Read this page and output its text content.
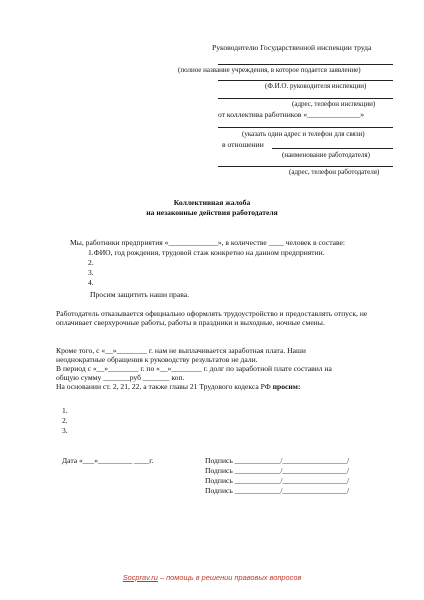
Руководителю Государственной инспекции труда
(полное название учреждения, в которое подается заявление)
(Ф.И.О. руководителя инспекции)
(адрес, телефон инспекции)
от коллектива работников «______________»
(указать один адрес и телефон для связи)
в отношении
(наименование работодателя)
(адрес, телефон работодателя)
Коллективная жалоба
на незаконные действия работодателя
Мы, работники предприятия «_____________», в количестве ____ человек в составе:
1.ФИО, год рождения, трудовой стаж конкретно на данном предприятии.
2.
3.
4.
Просим защитить наши права.
Работодатель отказывается официально оформлять трудоустройство и предоставлять отпуск, не оплачивает сверхурочные работы, работы в праздники и выходные, ночные смены.
Кроме того, с «__»________ г. нам не выплачивается заработная плата. Наши
неоднократные обращения к руководству результатов не дали.
В период с «__»________ г. по «__»________ г. долг по заработной плате составил на
общую сумму _______руб _______ коп.
На основании ст. 2, 21, 22, а также главы 21 Трудового кодекса РФ просим:
1.
2.
3.
Дата «___»_________ ____г.	Подпись ____________/_________________/
Подпись ____________/_________________/
Подпись ____________/_________________/
Подпись ____________/_________________/
Socprav.ru – помощь в решении правовых вопросов
